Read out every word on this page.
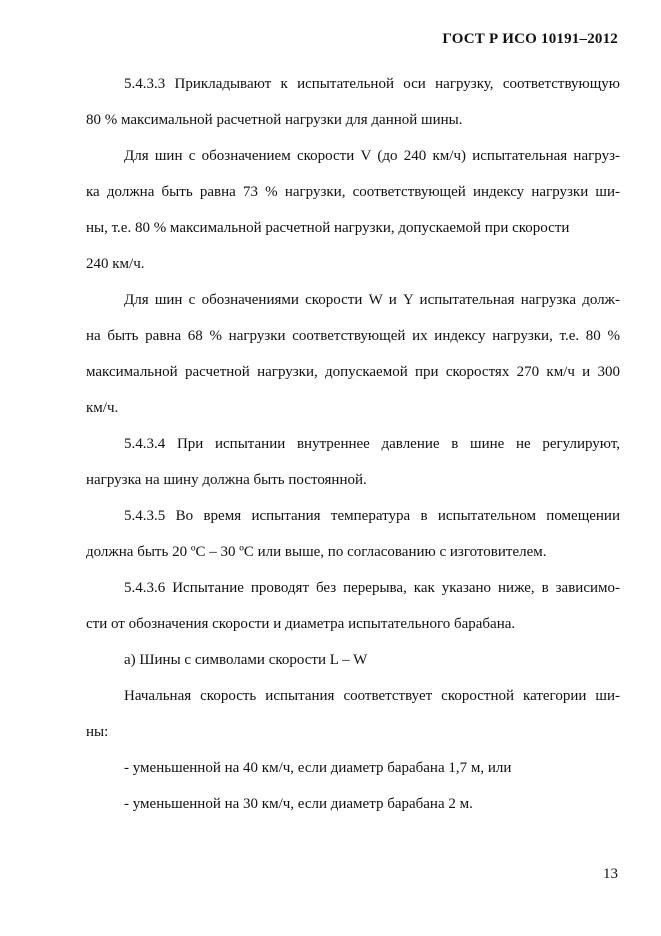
ГОСТ Р ИСО 10191–2012
5.4.3.3 Прикладывают к испытательной оси нагрузку, соответствующую
80 % максимальной расчетной нагрузки для данной шины.
Для шин с обозначением скорости V (до 240 км/ч) испытательная нагруз-
ка должна быть равна 73 % нагрузки, соответствующей индексу нагрузки ши-
ны, т.е. 80 % максимальной расчетной нагрузки, допускаемой при скорости
240 км/ч.
Для шин с обозначениями скорости W и Y испытательная нагрузка долж-
на быть равна 68 % нагрузки соответствующей их индексу нагрузки, т.е. 80 %
максимальной расчетной нагрузки, допускаемой при скоростях 270 км/ч и 300
км/ч.
5.4.3.4 При испытании внутреннее давление в шине не регулируют,
нагрузка на шину должна быть постоянной.
5.4.3.5 Во время испытания температура в испытательном помещении
должна быть 20 ºC – 30 ºC или выше, по согласованию с изготовителем.
5.4.3.6 Испытание проводят без перерыва, как указано ниже, в зависимо-
сти от обозначения скорости и диаметра испытательного барабана.
а) Шины с символами скорости L – W
Начальная скорость испытания соответствует скоростной категории ши-
ны:
- уменьшенной на 40 км/ч, если диаметр барабана 1,7 м, или
- уменьшенной на 30 км/ч, если диаметр барабана 2 м.
13
